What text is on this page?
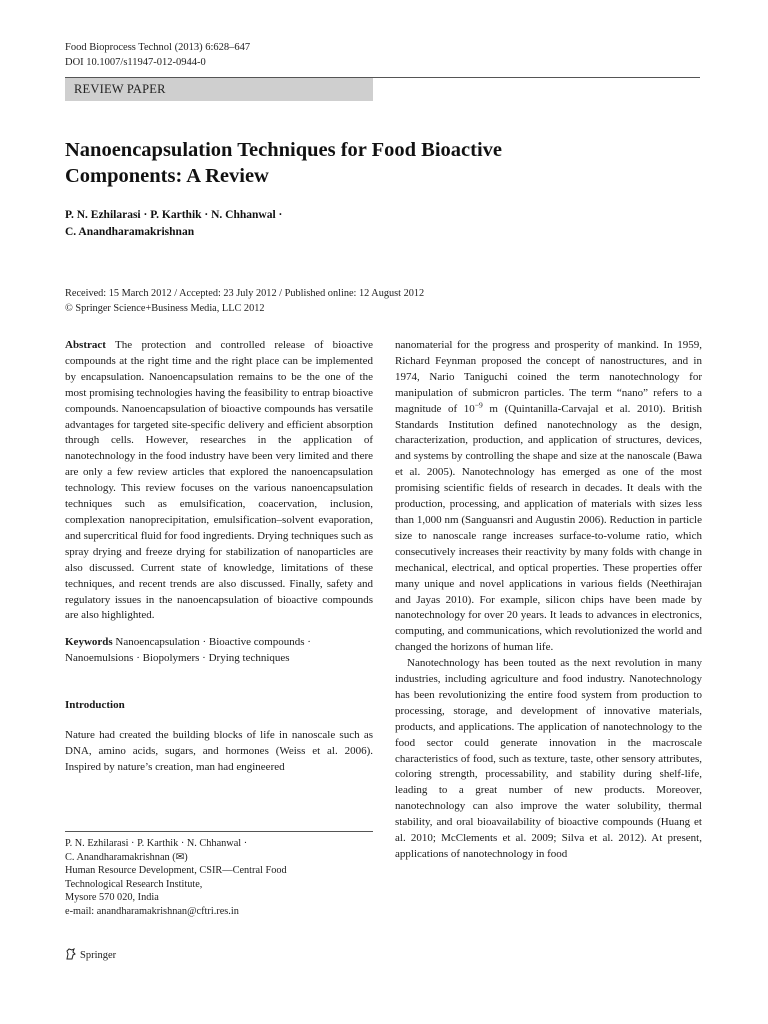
Food Bioprocess Technol (2013) 6:628–647
DOI 10.1007/s11947-012-0944-0
REVIEW PAPER
Nanoencapsulation Techniques for Food Bioactive
Components: A Review
P. N. Ezhilarasi · P. Karthik · N. Chhanwal ·
C. Anandharamakrishnan
Received: 15 March 2012 / Accepted: 23 July 2012 / Published online: 12 August 2012
© Springer Science+Business Media, LLC 2012

Abstract The protection and controlled release of bioactive compounds at the right time and the right place can be implemented by encapsulation. Nanoencapsulation remains to be the one of the most promising technologies having the feasibility to entrap bioactive compounds. Nanoencapsulation of bioactive compounds has versatile advantages for targeted site-specific delivery and efficient absorption through cells. However, researches in the application of nanotechnology in the food industry have been very limited and there are only a few review articles that explored the nanoencapsulation technology. This review focuses on the various nanoencapsulation techniques such as emulsification, coacervation, inclusion, complexation nanoprecipitation, emulsification–solvent evaporation, and supercritical fluid for food ingredients. Drying techniques such as spray drying and freeze drying for stabilization of nanoparticles are also discussed. Current state of knowledge, limitations of these techniques, and recent trends are also discussed. Finally, safety and regulatory issues in the nanoencapsulation of bioactive compounds are also highlighted.

Keywords Nanoencapsulation · Bioactive compounds · Nanoemulsions · Biopolymers · Drying techniques

Introduction

Nature had created the building blocks of life in nanoscale such as DNA, amino acids, sugars, and hormones (Weiss et al. 2006). Inspired by nature’s creation, man had engineered

P. N. Ezhilarasi · P. Karthik · N. Chhanwal ·
C. Anandharamakrishnan (✉)
Human Resource Development, CSIR—Central Food
Technological Research Institute,
Mysore 570 020, India
e-mail: anandharamakrishnan@cftri.res.in

nanomaterial for the progress and prosperity of mankind. In 1959, Richard Feynman proposed the concept of nanostructures, and in 1974, Nario Taniguchi coined the term nanotechnology for manipulation of submicron particles. The term “nano” refers to a magnitude of $10^{-9}$ m (Quintanilla-Carvajal et al. 2010). British Standards Institution defined nanotechnology as the design, characterization, production, and application of structures, devices, and systems by controlling the shape and size at the nanoscale (Bawa et al. 2005). Nanotechnology has emerged as one of the most promising scientific fields of research in decades. It deals with the production, processing, and application of materials with sizes less than 1,000 nm (Sanguansri and Augustin 2006). Reduction in particle size to nanoscale range increases surface-to-volume ratio, which consecutively increases their reactivity by many folds with change in mechanical, electrical, and optical properties. These properties offer many unique and novel applications in various fields (Neethirajan and Jayas 2010). For example, silicon chips have been made by nanotechnology for over 20 years. It leads to advances in electronics, computing, and communications, which revolutionized the world and changed the horizons of human life.

Nanotechnology has been touted as the next revolution in many industries, including agriculture and food industry. Nanotechnology has been revolutionizing the entire food system from production to processing, storage, and development of innovative materials, products, and applications. The application of nanotechnology to the food sector could generate innovation in the macroscale characteristics of food, such as texture, taste, other sensory attributes, coloring strength, processability, and stability during shelf-life, leading to a great number of new products. Moreover, nanotechnology can also improve the water solubility, thermal stability, and oral bioavailability of bioactive compounds (Huang et al. 2010; McClements et al. 2009; Silva et al. 2012). At present, applications of nanotechnology in food

Springer
